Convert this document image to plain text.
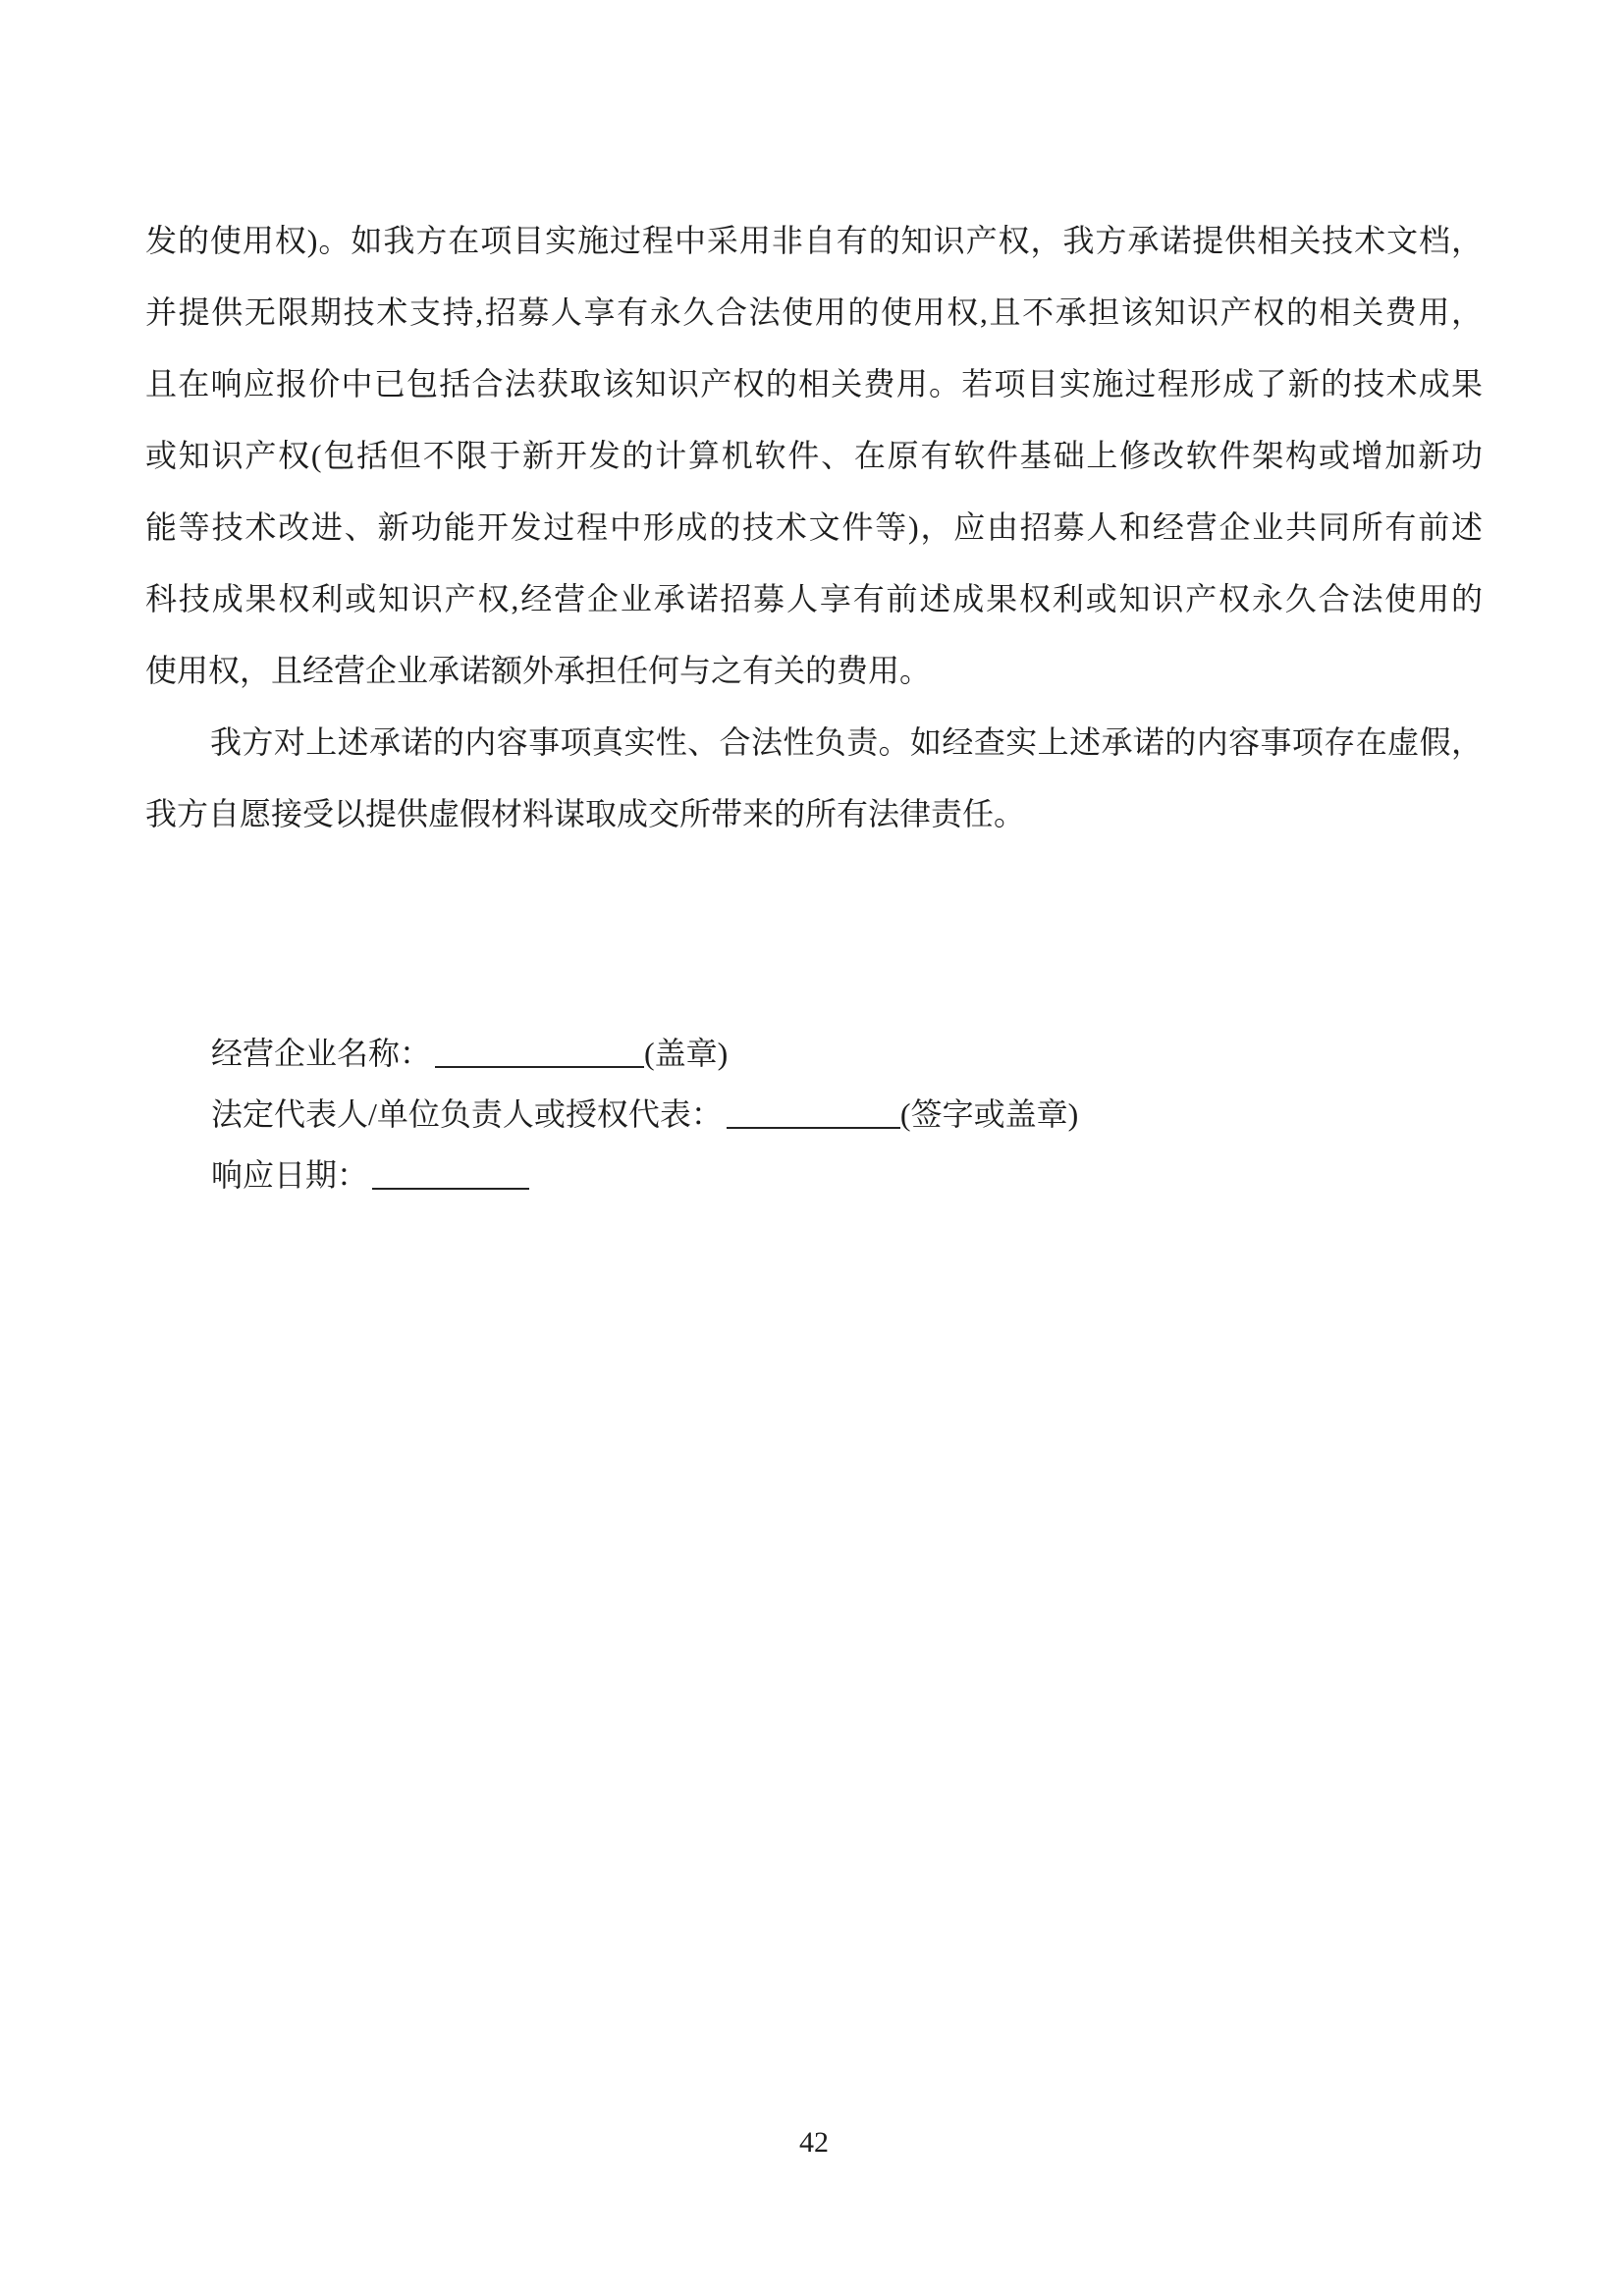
发的使用权)。如我方在项目实施过程中采用非自有的知识产权，我方承诺提供相关技术文档，
并提供无限期技术支持,招募人享有永久合法使用的使用权,且不承担该知识产权的相关费用，
且在响应报价中已包括合法获取该知识产权的相关费用。若项目实施过程形成了新的技术成果
或知识产权(包括但不限于新开发的计算机软件、在原有软件基础上修改软件架构或增加新功
能等技术改进、新功能开发过程中形成的技术文件等)，应由招募人和经营企业共同所有前述
科技成果权利或知识产权,经营企业承诺招募人享有前述成果权利或知识产权永久合法使用的
使用权，且经营企业承诺额外承担任何与之有关的费用。
我方对上述承诺的内容事项真实性、合法性负责。如经查实上述承诺的内容事项存在虚假，
我方自愿接受以提供虚假材料谋取成交所带来的所有法律责任。
经营企业名称：	(盖章)
法定代表人/单位负责人或授权代表：	(签字或盖章)
响应日期：
42
